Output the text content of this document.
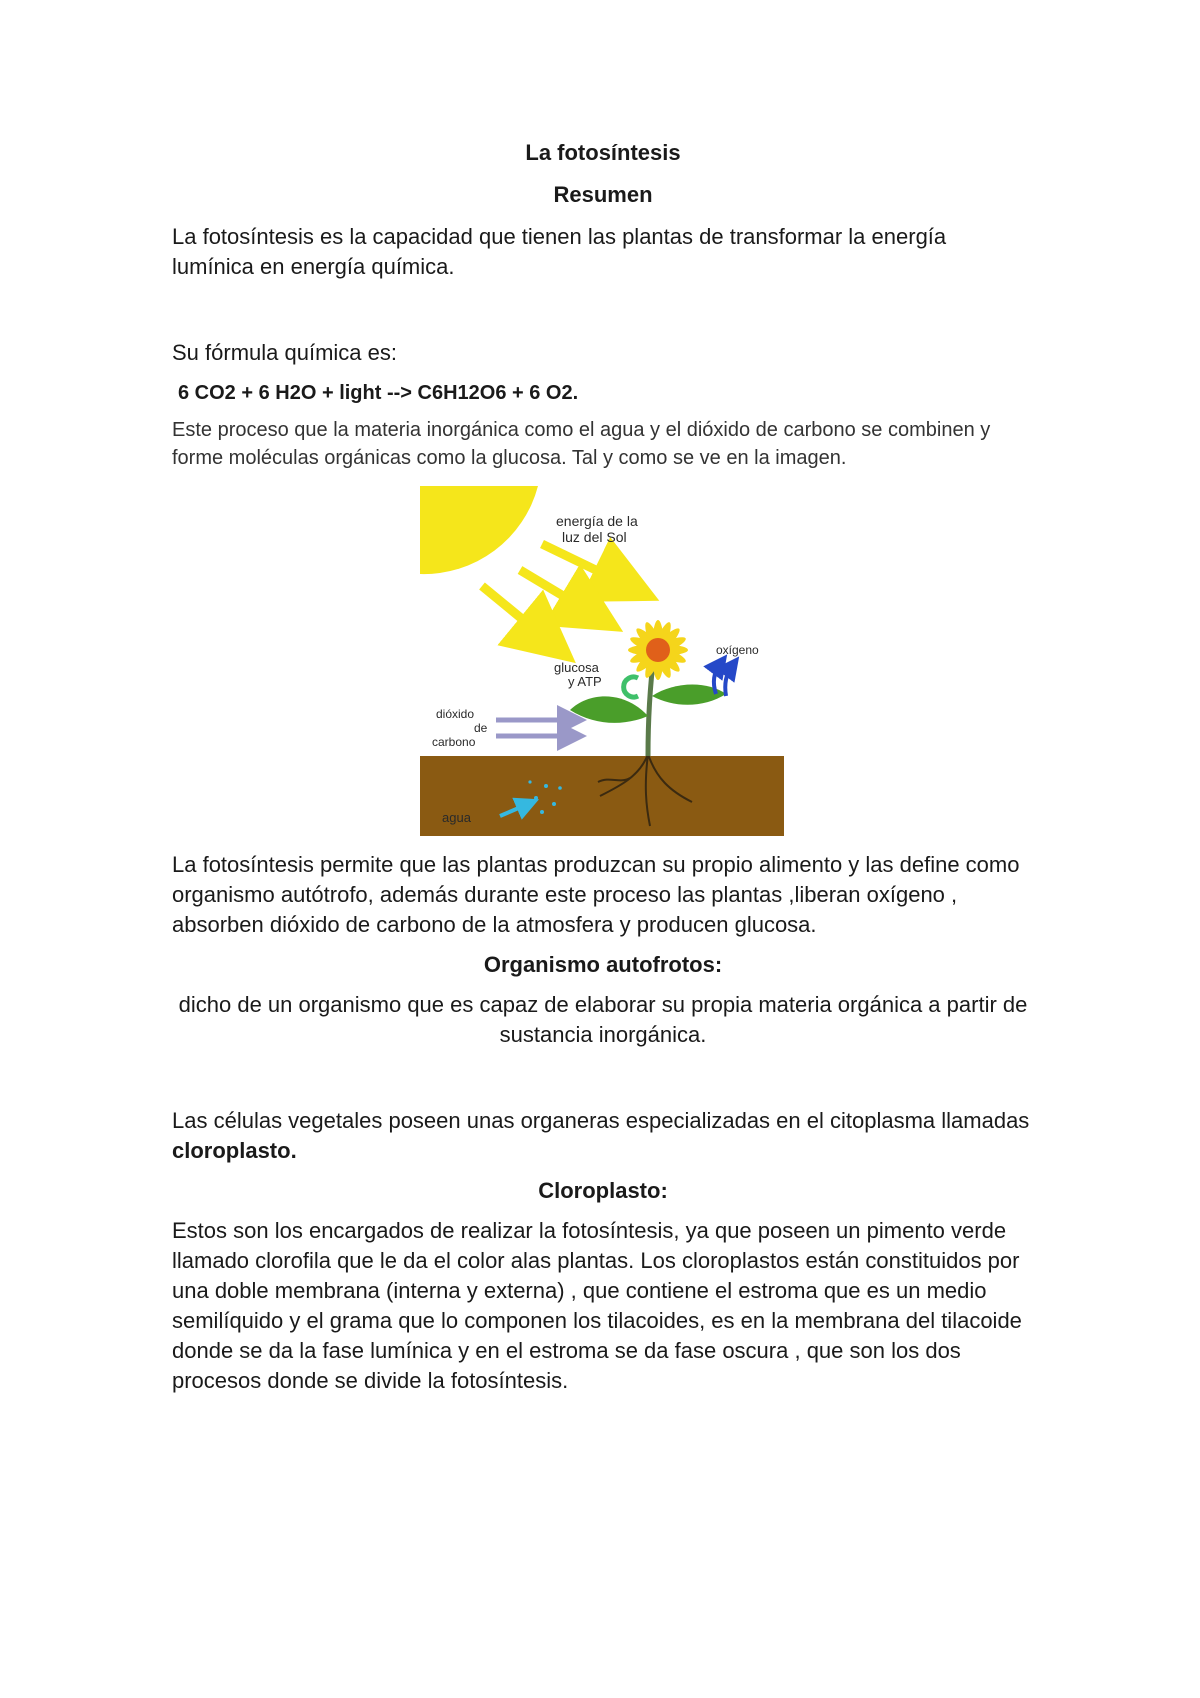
La fotosíntesis

Resumen

La fotosíntesis es la capacidad que tienen las plantas de transformar la energía lumínica en energía química.

Su fórmula química es:

6 CO2 + 6 H2O + light --> C6H12O6 + 6 O2.

Este proceso que la materia inorgánica como el agua y el dióxido de carbono se combinen y forme moléculas orgánicas como la glucosa. Tal y como se ve en la imagen.

energía de la
luz del Sol
oxígeno
glucosa
y ATP
dióxido
de
carbono
agua

La fotosíntesis permite que las plantas produzcan su propio alimento y las define como organismo autótrofo, además durante este proceso las plantas ,liberan oxígeno , absorben dióxido de carbono de la atmosfera y producen glucosa.

Organismo autofrotos:

dicho de un organismo que es capaz de elaborar su propia materia orgánica a partir de sustancia inorgánica.

Las células vegetales poseen unas organeras especializadas en el citoplasma llamadas cloroplasto.

Cloroplasto:

Estos son los encargados de realizar la fotosíntesis, ya que poseen un pimento verde llamado clorofila que le da el color alas plantas. Los cloroplastos están constituidos por una doble membrana (interna y externa) , que contiene el estroma que es un medio semilíquido y el grama que lo componen los tilacoides, es en la membrana del tilacoide donde se da la fase lumínica y en el estroma se da fase oscura , que son los dos procesos donde se divide la fotosíntesis.
